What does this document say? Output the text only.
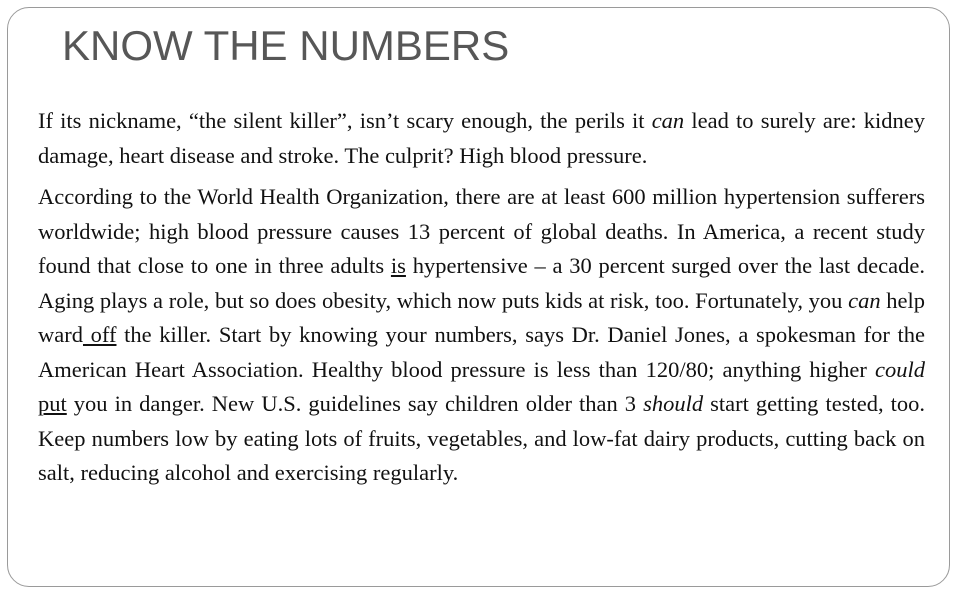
KNOW THE NUMBERS

If its nickname, “the silent killer”, isn’t scary enough, the perils it can lead to surely are: kidney damage, heart disease and stroke. The culprit? High blood pressure.

According to the World Health Organization, there are at least 600 million hypertension sufferers worldwide; high blood pressure causes 13 percent of global deaths. In America, a recent study found that close to one in three adults is hypertensive – a 30 percent surged over the last decade. Aging plays a role, but so does obesity, which now puts kids at risk, too. Fortunately, you can help ward off the killer. Start by knowing your numbers, says Dr. Daniel Jones, a spokesman for the American Heart Association. Healthy blood pressure is less than 120/80; anything higher could put you in danger. New U.S. guidelines say children older than 3 should start getting tested, too. Keep numbers low by eating lots of fruits, vegetables, and low-fat dairy products, cutting back on salt, reducing alcohol and exercising regularly.
